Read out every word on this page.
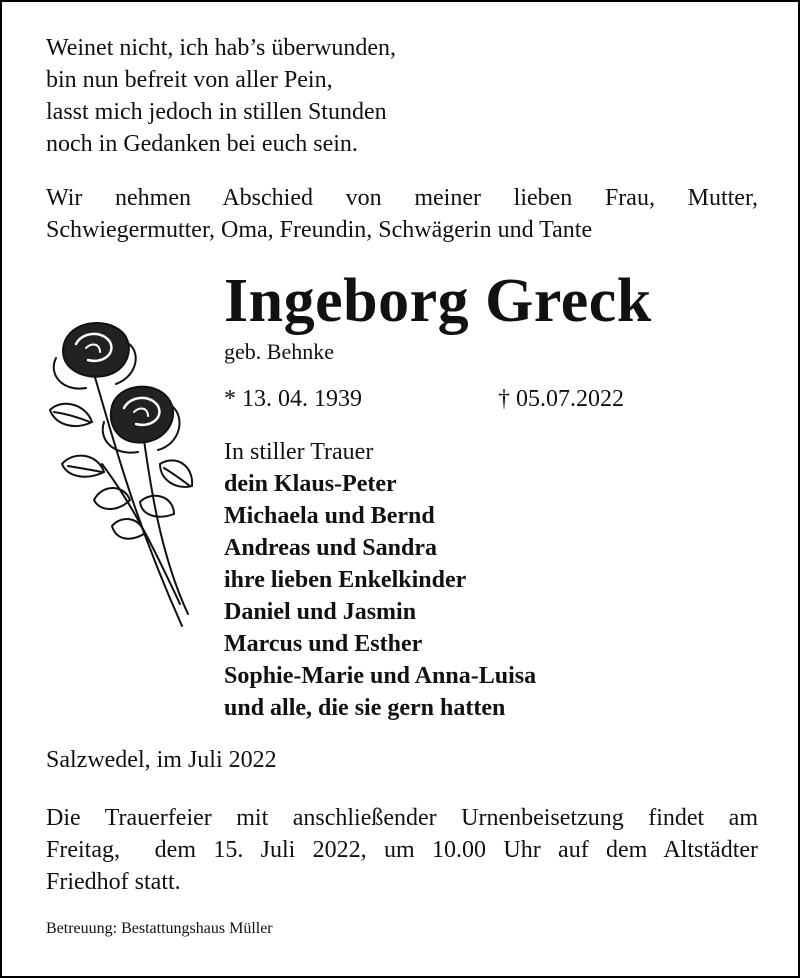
Weinet nicht, ich hab’s überwunden,
bin nun befreit von aller Pein,
lasst mich jedoch in stillen Stunden
noch in Gedanken bei euch sein.
Wir nehmen Abschied von meiner lieben Frau, Mutter,
Schwiegermutter, Oma, Freundin, Schwägerin und Tante
Ingeborg Greck
geb. Behnke
* 13. 04. 1939	† 05.07.2022
In stiller Trauer
dein Klaus-Peter
Michaela und Bernd
Andreas und Sandra
ihre lieben Enkelkinder
Daniel und Jasmin
Marcus und Esther
Sophie-Marie und Anna-Luisa
und alle, die sie gern hatten
Salzwedel, im Juli 2022
Die Trauerfeier mit anschließender Urnenbeisetzung findet am
Freitag,  dem 15. Juli 2022, um 10.00 Uhr auf dem Altstädter
Friedhof statt.
Betreuung: Bestattungshaus Müller
